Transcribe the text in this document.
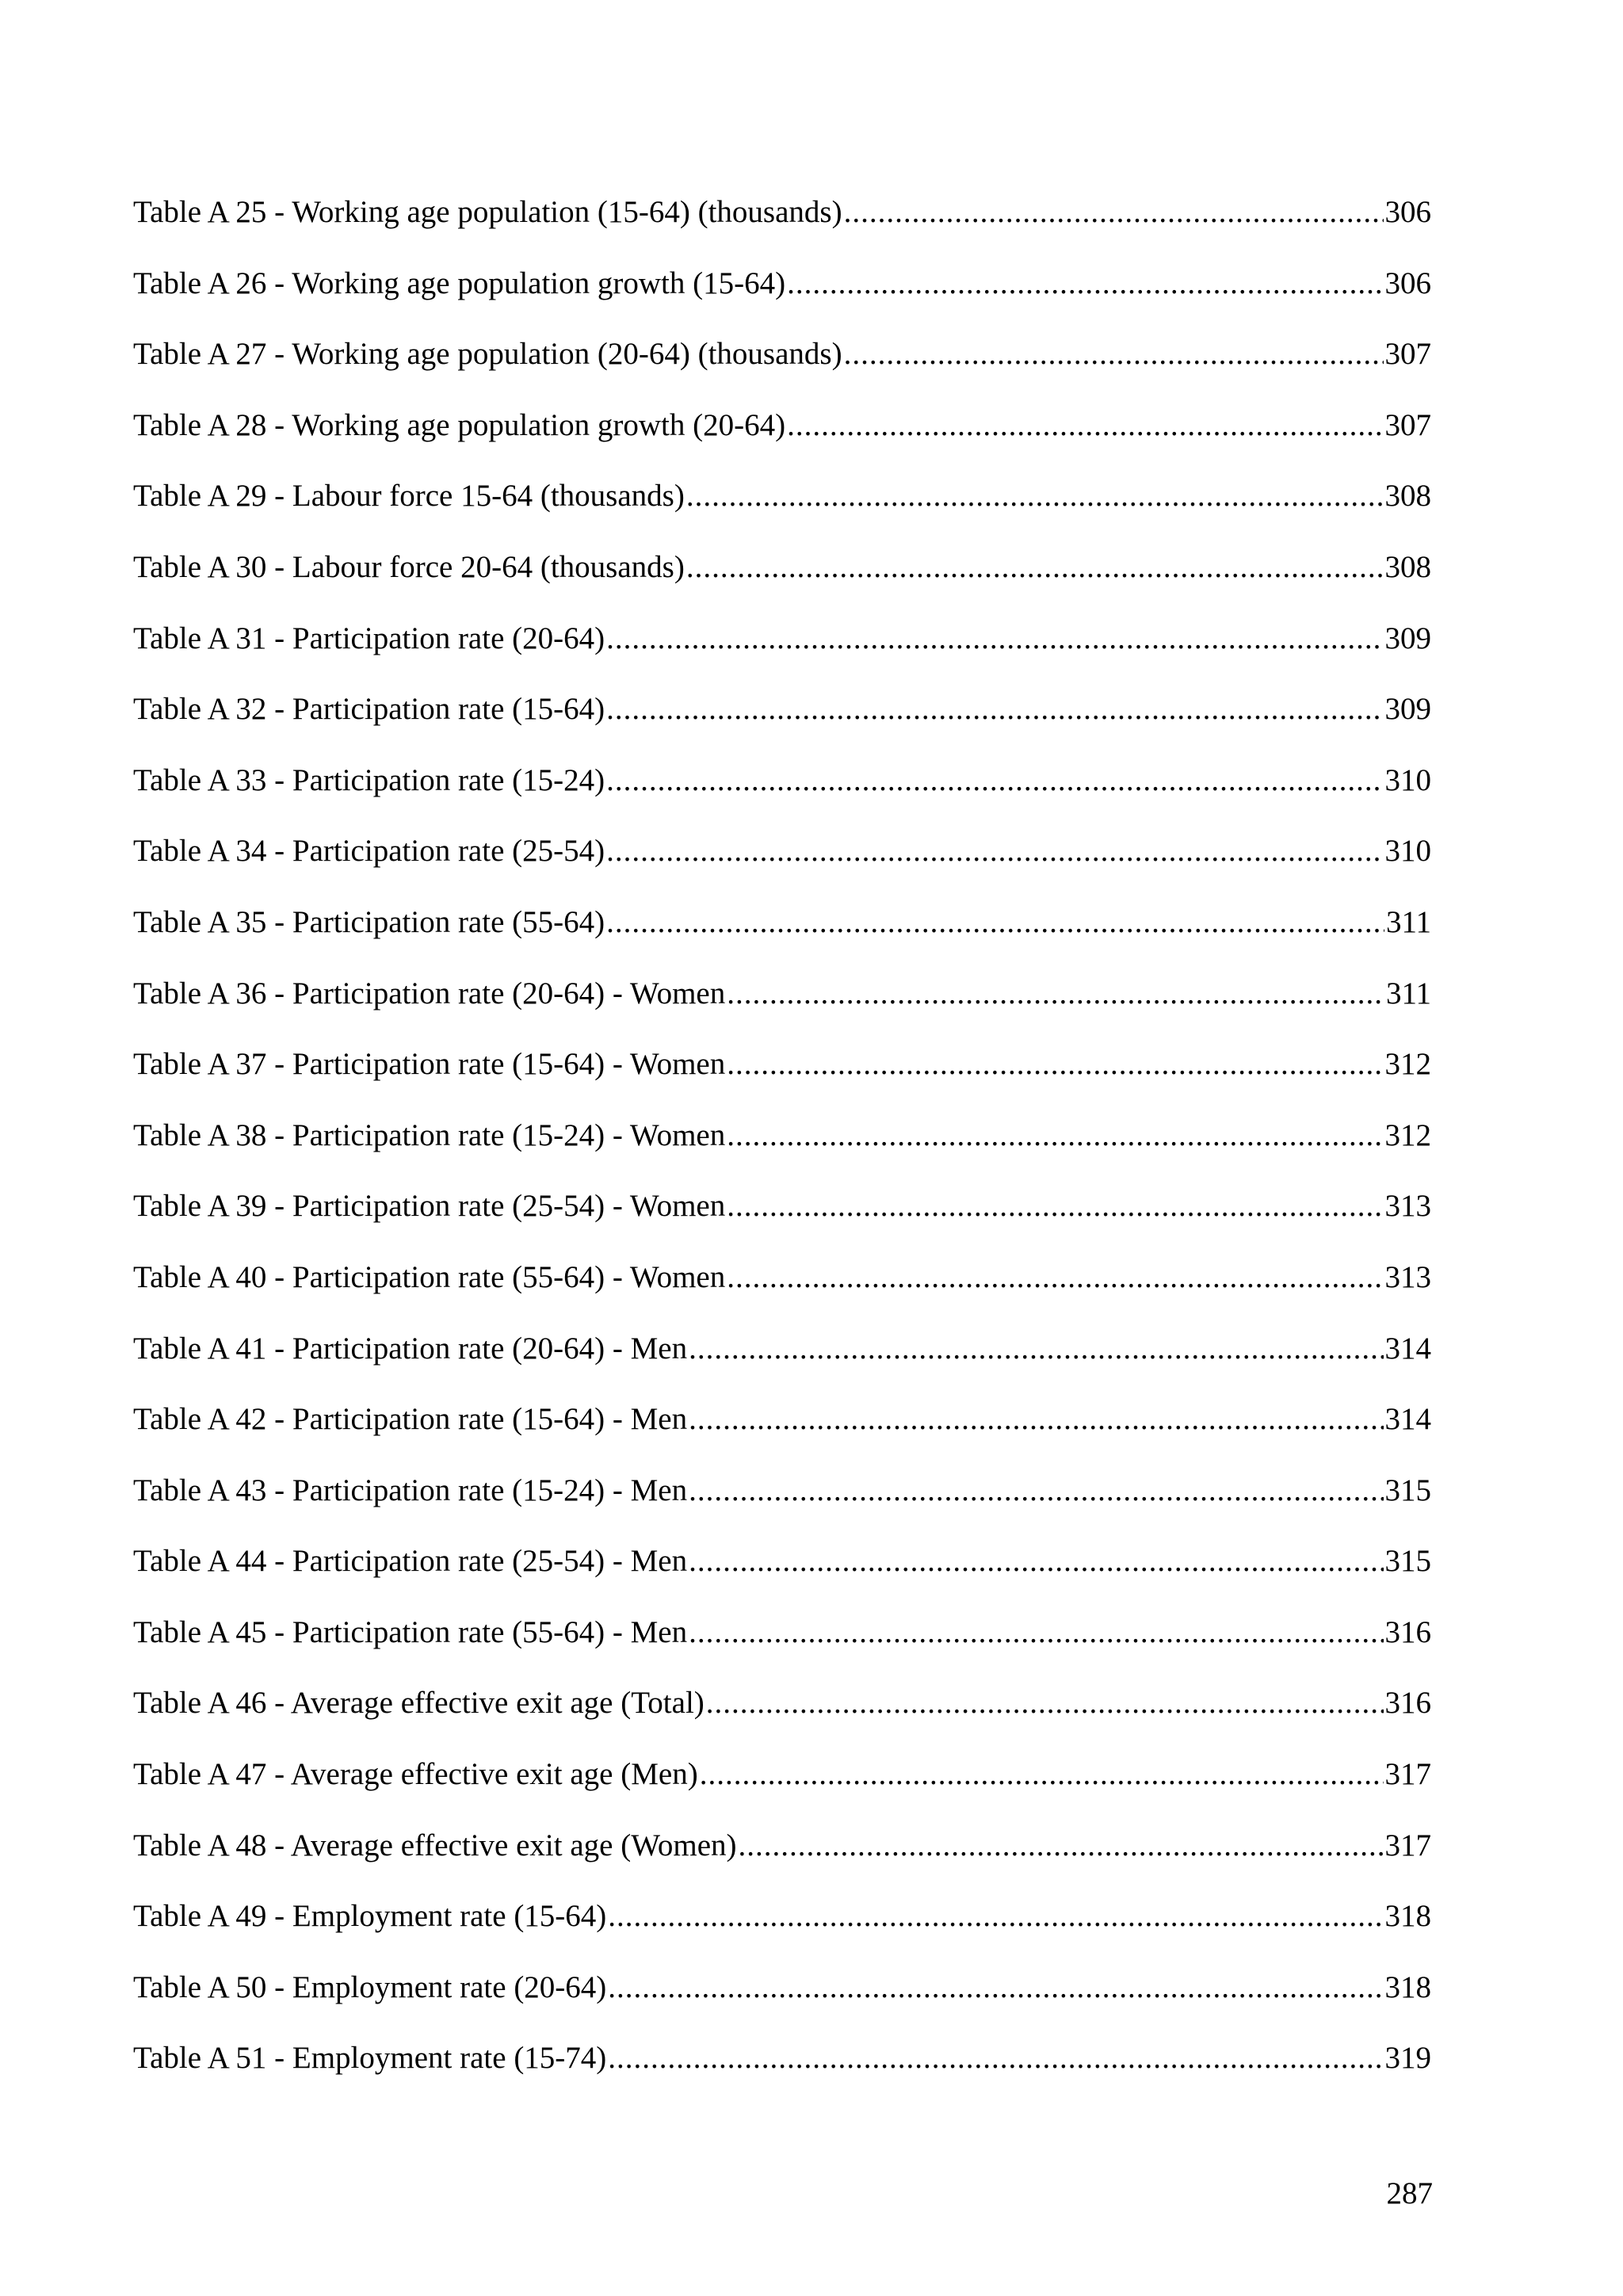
Table A 25 - Working age population (15-64) (thousands) .....	306
Table A 26 - Working age population growth (15-64) .....	306
Table A 27 - Working age population (20-64) (thousands) .....	307
Table A 28 - Working age population growth (20-64) .....	307
Table A 29 - Labour force 15-64 (thousands) .....	308
Table A 30 - Labour force 20-64 (thousands) .....	308
Table A 31 - Participation rate (20-64) .....	309
Table A 32 - Participation rate (15-64) .....	309
Table A 33 - Participation rate (15-24) .....	310
Table A 34 - Participation rate (25-54) .....	310
Table A 35 - Participation rate (55-64) .....	311
Table A 36 - Participation rate (20-64) - Women .....	311
Table A 37 - Participation rate (15-64) - Women .....	312
Table A 38 - Participation rate (15-24) - Women .....	312
Table A 39 - Participation rate (25-54) - Women .....	313
Table A 40 - Participation rate (55-64) - Women .....	313
Table A 41 - Participation rate (20-64) - Men .....	314
Table A 42 - Participation rate (15-64) - Men .....	314
Table A 43 - Participation rate (15-24) - Men .....	315
Table A 44 - Participation rate (25-54) - Men .....	315
Table A 45 - Participation rate (55-64) - Men .....	316
Table A 46 - Average effective exit age (Total) .....	316
Table A 47 - Average effective exit age (Men) .....	317
Table A 48 - Average effective exit age (Women) .....	317
Table A 49 - Employment rate (15-64) .....	318
Table A 50 - Employment rate (20-64) .....	318
Table A 51 - Employment rate (15-74) .....	319
287
